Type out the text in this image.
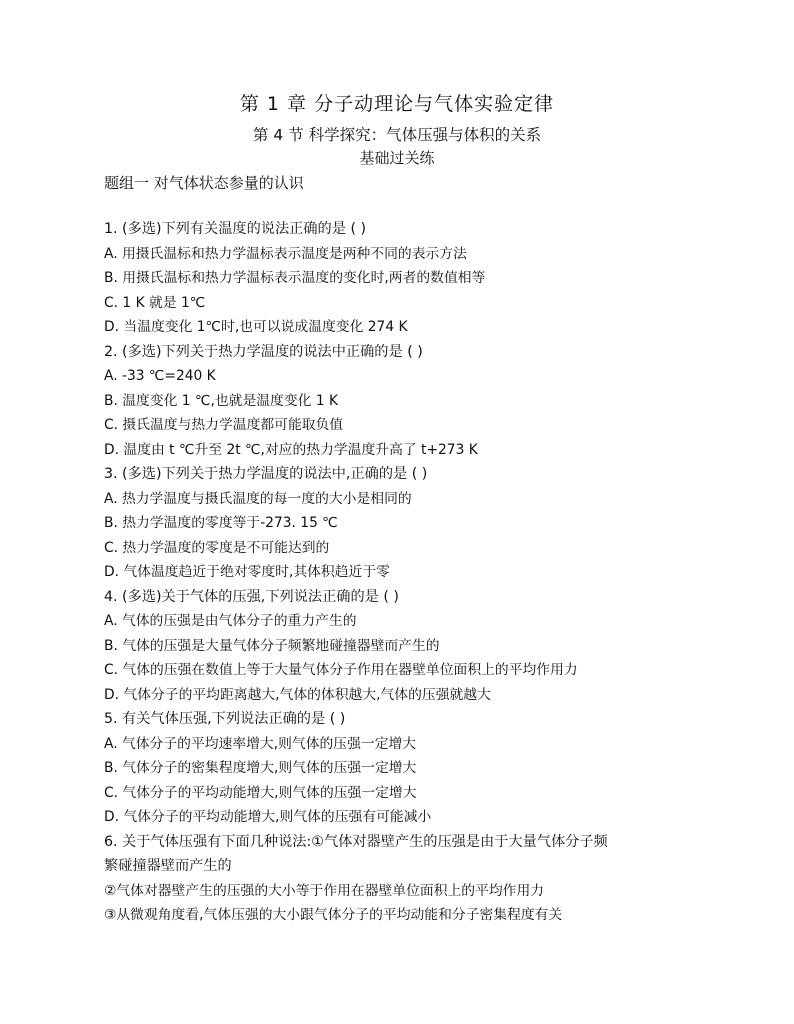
第 1 章 分子动理论与气体实验定律
第 4 节 科学探究：气体压强与体积的关系
基础过关练
题组一 对气体状态参量的认识
1. (多选)下列有关温度的说法正确的是 ( )
A. 用摄氏温标和热力学温标表示温度是两种不同的表示方法
B. 用摄氏温标和热力学温标表示温度的变化时,两者的数值相等
C. 1 K 就是 1℃
D. 当温度变化 1℃时,也可以说成温度变化 274 K
2. (多选)下列关于热力学温度的说法中正确的是 ( )
A. -33 ℃=240 K
B. 温度变化 1 ℃,也就是温度变化 1 K
C. 摄氏温度与热力学温度都可能取负值
D. 温度由 t ℃升至 2t ℃,对应的热力学温度升高了 t+273 K
3. (多选)下列关于热力学温度的说法中,正确的是 ( )
A. 热力学温度与摄氏温度的每一度的大小是相同的
B. 热力学温度的零度等于-273. 15 ℃
C. 热力学温度的零度是不可能达到的
D. 气体温度趋近于绝对零度时,其体积趋近于零
4. (多选)关于气体的压强,下列说法正确的是 ( )
A. 气体的压强是由气体分子的重力产生的
B. 气体的压强是大量气体分子频繁地碰撞器壁而产生的
C. 气体的压强在数值上等于大量气体分子作用在器壁单位面积上的平均作用力
D. 气体分子的平均距离越大,气体的体积越大,气体的压强就越大
5. 有关气体压强,下列说法正确的是 ( )
A. 气体分子的平均速率增大,则气体的压强一定增大
B. 气体分子的密集程度增大,则气体的压强一定增大
C. 气体分子的平均动能增大,则气体的压强一定增大
D. 气体分子的平均动能增大,则气体的压强有可能减小
6. 关于气体压强有下面几种说法:①气体对器壁产生的压强是由于大量气体分子频
繁碰撞器壁而产生的
②气体对器壁产生的压强的大小等于作用在器壁单位面积上的平均作用力
③从微观角度看,气体压强的大小跟气体分子的平均动能和分子密集程度有关
